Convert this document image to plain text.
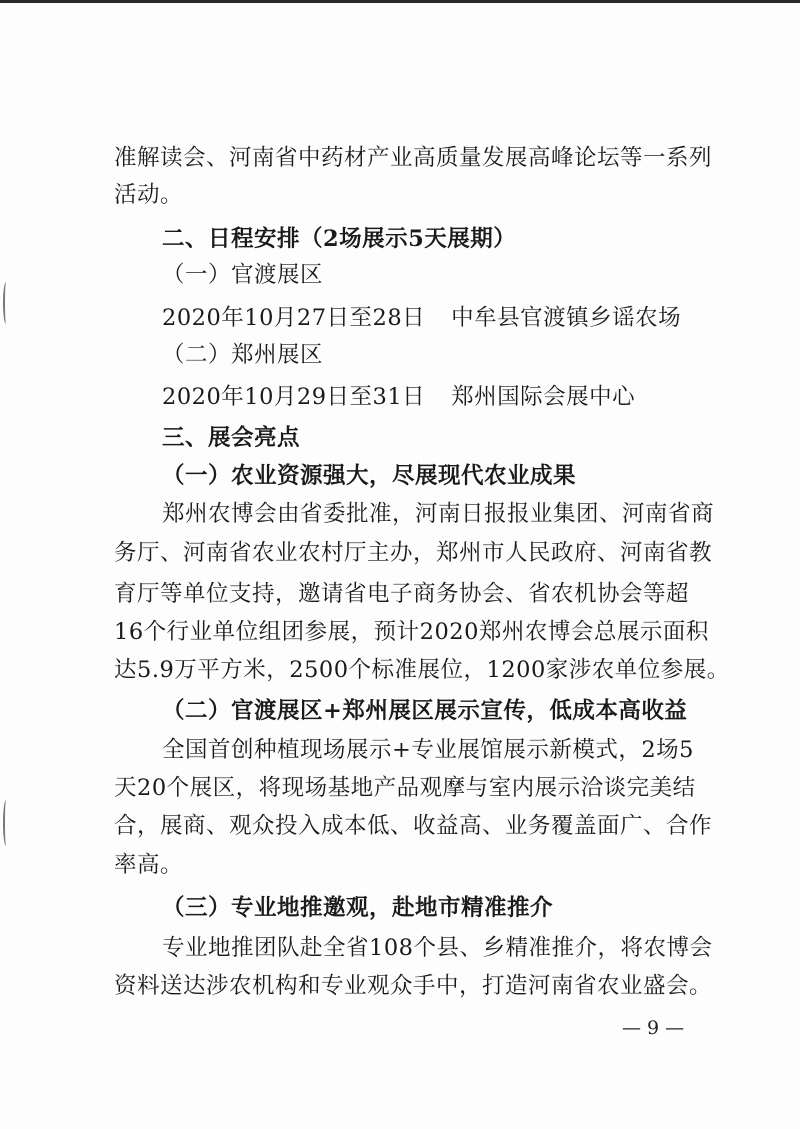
准解读会、河南省中药材产业高质量发展高峰论坛等一系列
活动。
二、日程安排（2场展示5天展期）
（一）官渡展区
2020年10月27日至28日 中牟县官渡镇乡谣农场
（二）郑州展区
2020年10月29日至31日 郑州国际会展中心
三、展会亮点
（一）农业资源强大，尽展现代农业成果
郑州农博会由省委批准，河南日报报业集团、河南省商
务厅、河南省农业农村厅主办，郑州市人民政府、河南省教
育厅等单位支持，邀请省电子商务协会、省农机协会等超
16个行业单位组团参展，预计2020郑州农博会总展示面积
达5.9万平方米，2500个标准展位，1200家涉农单位参展。
（二）官渡展区+郑州展区展示宣传，低成本高收益
全国首创种植现场展示+专业展馆展示新模式，2场5
天20个展区，将现场基地产品观摩与室内展示洽谈完美结
合，展商、观众投入成本低、收益高、业务覆盖面广、合作
率高。
（三）专业地推邀观，赴地市精准推介
专业地推团队赴全省108个县、乡精准推介，将农博会
资料送达涉农机构和专业观众手中，打造河南省农业盛会。
— 9 —
